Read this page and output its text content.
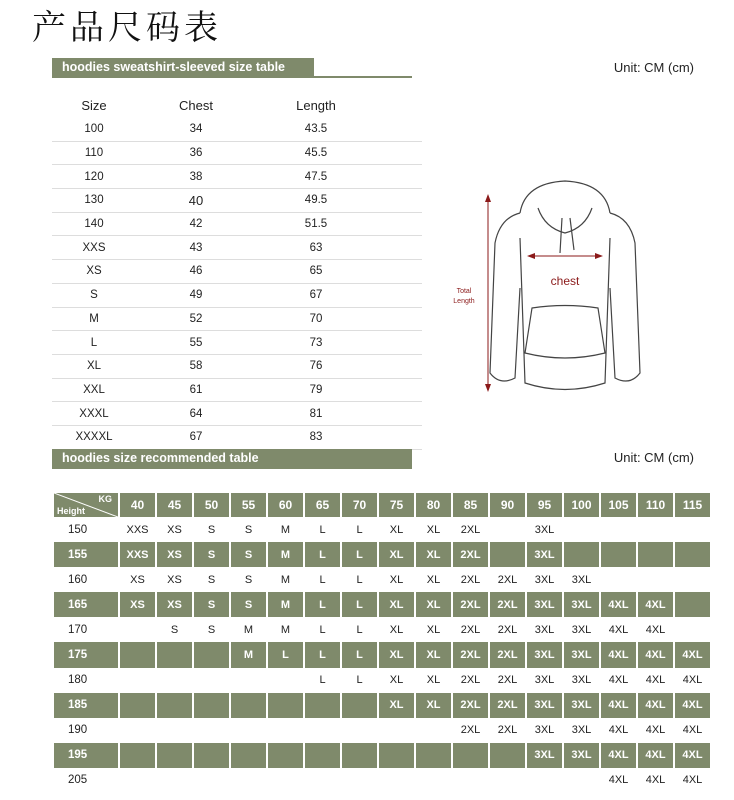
产品尺码表
hoodies sweatshirt-sleeved size table	Unit: CM (cm)
Size	Chest	Length	
100	34	43.5	
110	36	45.5	
120	38	47.5	
130	40	49.5	
140	42	51.5	
XXS	43	63	
XS	46	65	
S	49	67	
M	52	70	
L	55	73	
XL	58	76	
XXL	61	79	
XXXL	64	81	
XXXXL	67	83	
chest
Total
Length
hoodies size recommended table	Unit: CM (cm)
KG
Height	40	45	50	55	60	65	70	75	80	85	90	95	100	105	110	115
150	XXS	XS	S	S	M	L	L	XL	XL	2XL		3XL				
155	XXS	XS	S	S	M	L	L	XL	XL	2XL		3XL				
160	XS	XS	S	S	M	L	L	XL	XL	2XL	2XL	3XL	3XL			
165	XS	XS	S	S	M	L	L	XL	XL	2XL	2XL	3XL	3XL	4XL	4XL	
170		S	S	M	M	L	L	XL	XL	2XL	2XL	3XL	3XL	4XL	4XL	
175				M	L	L	L	XL	XL	2XL	2XL	3XL	3XL	4XL	4XL	4XL
180						L	L	XL	XL	2XL	2XL	3XL	3XL	4XL	4XL	4XL
185								XL	XL	2XL	2XL	3XL	3XL	4XL	4XL	4XL
190										2XL	2XL	3XL	3XL	4XL	4XL	4XL
195												3XL	3XL	4XL	4XL	4XL
205														4XL	4XL	4XL
